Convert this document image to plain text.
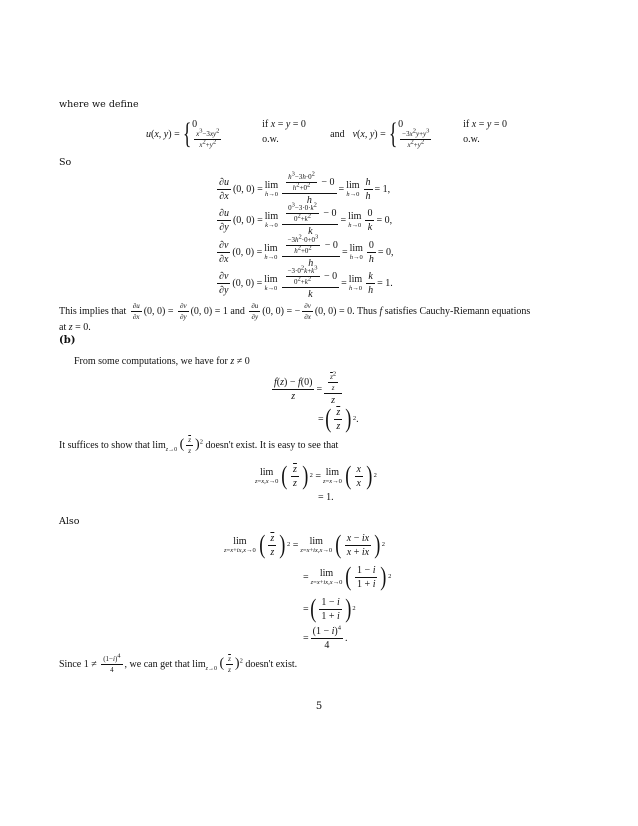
where we define
u(x, y) = { 0	if x = y = 0
$\frac{x3-3xy2}{x2+y2}$	o.w.	and v(x, y) = { 0	if x = y = 0
$\frac{-3x2y+y3}{x2+y2}$	o.w.
So
$\frac{\partial u}{\partial x} (0$, 0) = lim
$h\to 0 \frac{\frac{h3-3h\cdot 02}{h2+02} - 0}{h} = \lim$
$h\to 0 \frac{h}{h} = 1$,
$\frac{\partial u}{\partial y} (0$, 0) = lim
$k\to 0 \frac{\frac{03-3\cdot 0\cdot k2}{02+k2} - 0}{k} = \lim$
$h\to 0 \frac{0}{k} = 0$,
$\frac{\partial v}{\partial x} (0$, 0) = lim
$h\to 0 \frac{\frac{-3h2\cdot 0+03}{h2+02} - 0}{h} = \lim$
$h\to 0 \frac{0}{h} = 0$,
$\frac{\partial v}{\partial y} (0$, 0) = lim
$k\to 0 \frac{\frac{-3\cdot 02k+k3}{02+k2} - 0}{k} = \lim$
$h\to 0 \frac{k}{h} = 1$.
This implies that $\frac{\partial u}{\partial x} (0$, $0) = \frac{\partial v}{\partial y} (0$, 0) = 1 and $\frac{\partial u}{\partial y} (0$, 0) = − $\frac{\partial v}{\partial x} (0$, 0) = 0. Thus f satisfies Cauchy-Riemann equations
at z = 0.
(b)
From some computations, we have for z ≠ 0
$\frac{f(z) - f(0)}{z} = \frac{\frac{\overline{z}2}{z}}{z}$
= ( $\frac{\overline{z}}{z}$ ) 2 .
It suffices to show that $\lim_{z\to 0}$ ( $\frac{\overline{z}}{z} )^2$ doesn't exist. It is easy to see that
lim
z=x,x→0 ( $\frac{\overline{z}}{z}$ ) 2 = lim
z=x→0 ( $\frac{x}{x}$ ) 2
= 1.
Also
lim
z=x+ix,x→0 ( $\frac{\overline{z}}{z}$ ) 2 = lim
z=x+ix,x→0 ( $\frac{x - ix}{x + ix}$ ) 2
= lim
z=x+ix,x→0 ( $\frac{1 - i}{1 + i}$ ) 2
= ( $\frac{1 - i}{1 + i}$ ) 2
= $\frac{(1 - i)^4}{4}$ .
Since $1 \ne \frac{(1-i)4}{4}$ , we can get that $\lim_{z\to 0}$ ( $\frac{\overline{z}}{z} )^2$ doesn't exist.
5
